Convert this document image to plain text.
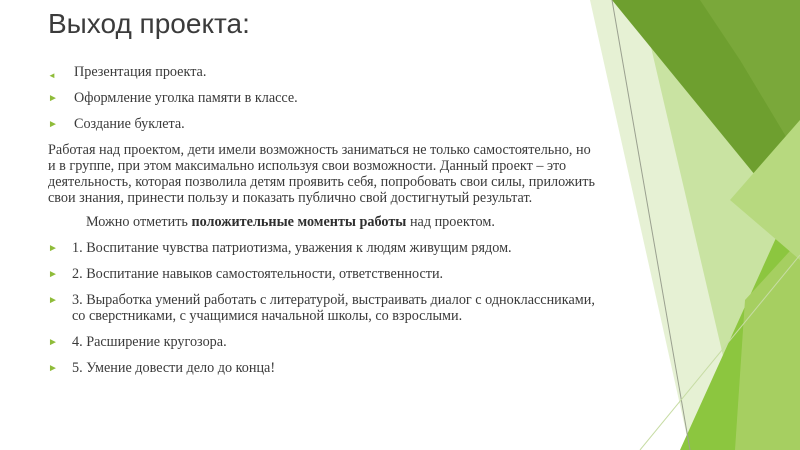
Выход проекта:
◄	Презентация проекта.
►	Оформление уголка памяти в классе.
►	Создание буклета.
Работая над проектом, дети имели возможность заниматься не только самостоятельно, но и в группе, при этом максимально используя свои возможности. Данный проект – это деятельность, которая позволила детям проявить себя, попробовать свои силы, приложить свои знания, принести пользу и показать публично свой достигнутый результат.
Можно отметить положительные моменты работы над проектом.
► 1. Воспитание чувства патриотизма, уважения к людям живущим рядом.
► 2. Воспитание навыков самостоятельности, ответственности.
► 3. Выработка умений работать с литературой, выстраивать диалог с одноклассниками, со сверстниками, с учащимися начальной школы, со взрослыми.
► 4. Расширение кругозора.
► 5. Умение довести дело до конца!
